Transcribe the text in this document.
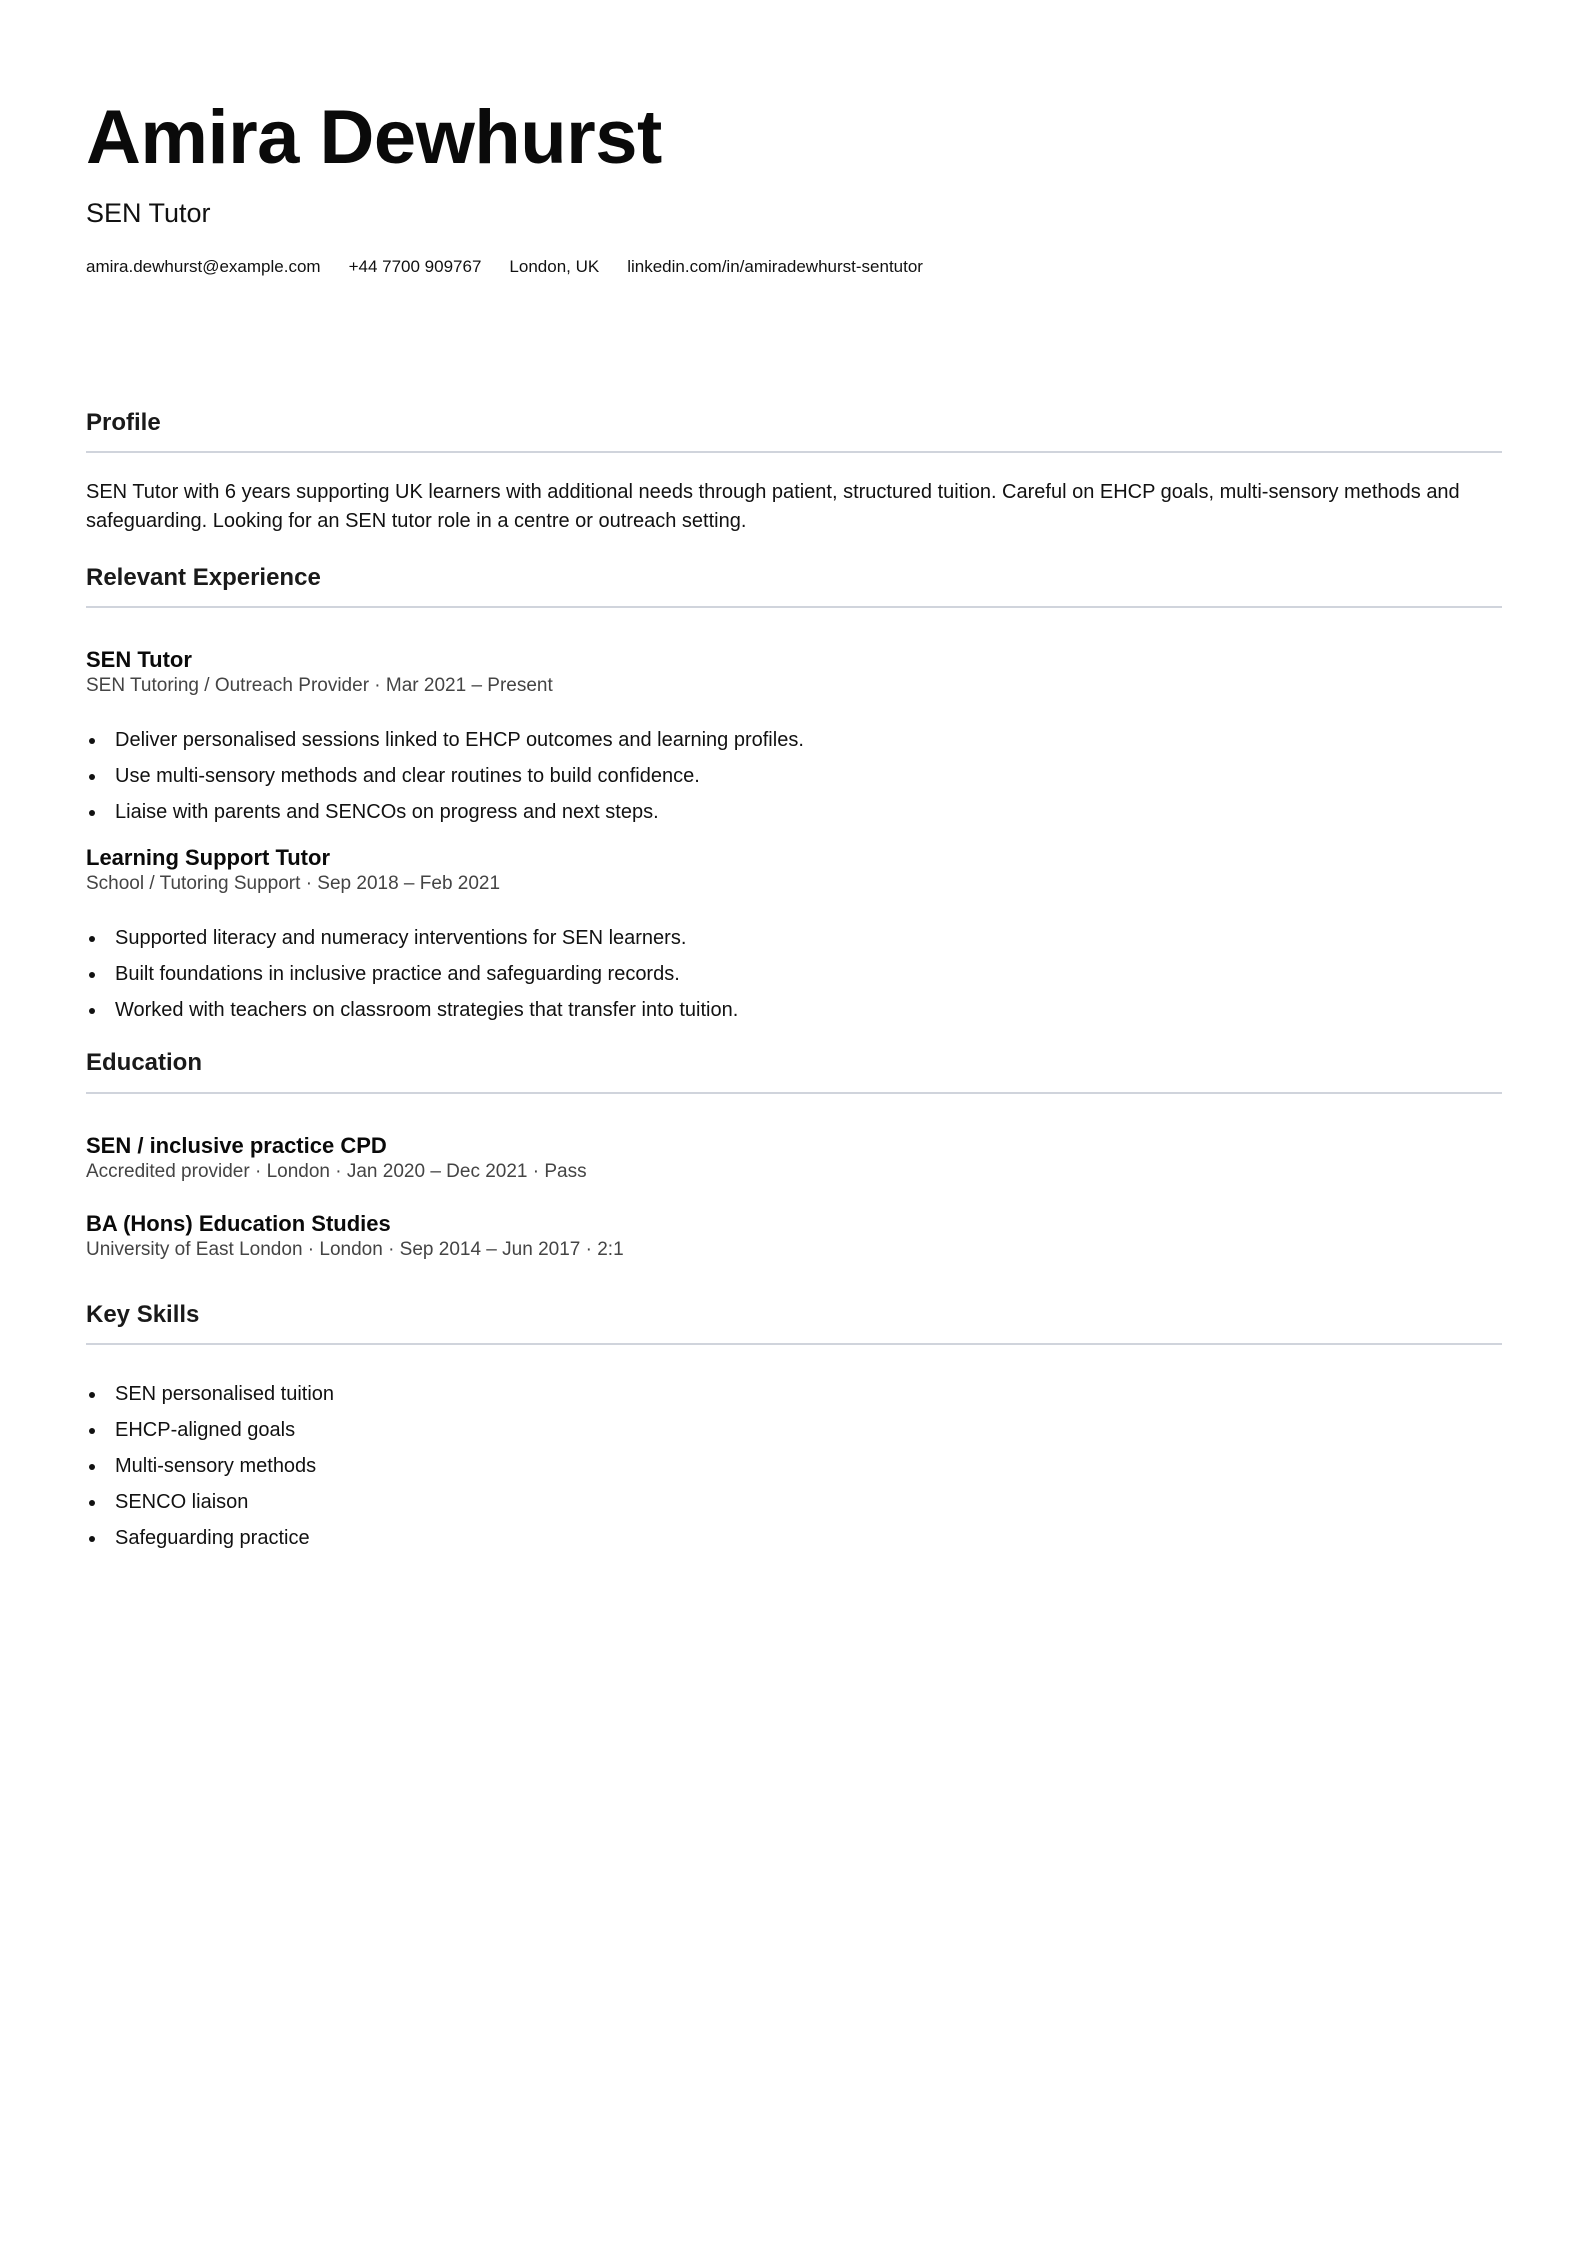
Amira Dewhurst
SEN Tutor
amira.dewhurst@example.com +44 7700 909767 London, UK linkedin.com/in/amiradewhurst-sentutor
Profile
SEN Tutor with 6 years supporting UK learners with additional needs through patient, structured tuition. Careful on EHCP goals, multi-sensory methods and safeguarding. Looking for an SEN tutor role in a centre or outreach setting.
Relevant Experience
SEN Tutor
SEN Tutoring / Outreach Provider · Mar 2021 – Present
Deliver personalised sessions linked to EHCP outcomes and learning profiles.
Use multi-sensory methods and clear routines to build confidence.
Liaise with parents and SENCOs on progress and next steps.
Learning Support Tutor
School / Tutoring Support · Sep 2018 – Feb 2021
Supported literacy and numeracy interventions for SEN learners.
Built foundations in inclusive practice and safeguarding records.
Worked with teachers on classroom strategies that transfer into tuition.
Education
SEN / inclusive practice CPD
Accredited provider · London · Jan 2020 – Dec 2021 · Pass
BA (Hons) Education Studies
University of East London · London · Sep 2014 – Jun 2017 · 2:1
Key Skills
SEN personalised tuition
EHCP-aligned goals
Multi-sensory methods
SENCO liaison
Safeguarding practice
